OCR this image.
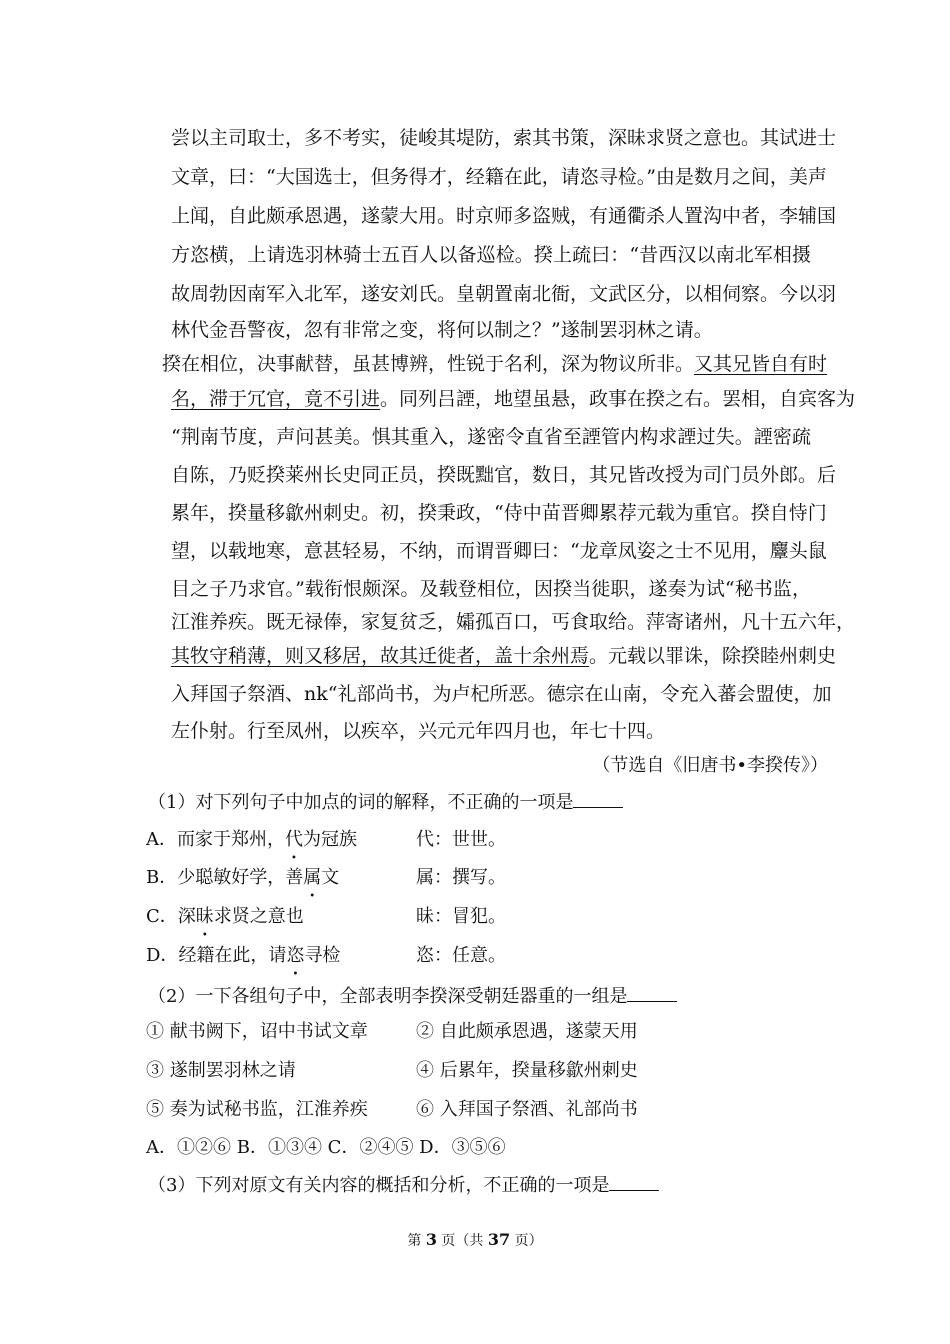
尝以主司取士，多不考实，徒峻其堤防，索其书策，深昧求贤之意也。其试进士
文章，曰：“大国选士，但务得才，经籍在此，请恣寻检。”由是数月之间，美声
上闻，自此颇承恩遇，遂蒙大用。时京师多盗贼，有通衢杀人置沟中者，李辅国
方恣横，上请选羽林骑士五百人以备巡检。揆上疏曰：“昔西汉以南北军相摄
故周勃因南军入北军，遂安刘氏。皇朝置南北衙，文武区分，以相伺察。今以羽
林代金吾警夜，忽有非常之变，将何以制之？”遂制罢羽林之请。
揆在相位，决事献替，虽甚博辨，性锐于名利，深为物议所非。又其兄皆自有时
名，滞于冗官，竟不引进。同列吕諲，地望虽悬，政事在揆之右。罢相，自宾客为
“荆南节度，声问甚美。惧其重入，遂密令直省至諲管内构求諲过失。諲密疏
自陈，乃贬揆莱州长史同正员，揆既黜官，数日，其兄皆改授为司门员外郎。后
累年，揆量移歙州刺史。初，揆秉政，“侍中苗晋卿累荐元载为重官。揆自恃门
望，以载地寒，意甚轻易，不纳，而谓晋卿曰：“龙章凤姿之士不见用，麞头鼠
目之子乃求官。”载衔恨颇深。及载登相位，因揆当徙职，遂奏为试“秘书监，
江淮养疾。既无禄俸，家复贫乏，孀孤百口，丐食取给。萍寄诸州，凡十五六年，
其牧守稍薄，则又移居，故其迁徙者，盖十余州焉。元载以罪诛，除揆睦州刺史
入拜国子祭酒、nk“礼部尚书，为卢杞所恶。德宗在山南，令充入蕃会盟使，加
左仆射。行至凤州，以疾卒，兴元元年四月也，年七十四。
（节选自《旧唐书•李揆传》）
（1）对下列句子中加点的词的解释，不正确的一项是
A．而家于郑州，代为冠族	代：世世。
B．少聪敏好学，善属文	属：撰写。
C．深昧求贤之意也	昧：冒犯。
D．经籍在此，请恣寻检	恣：任意。
（2）一下各组句子中，全部表明李揆深受朝廷器重的一组是
① 献书阙下，诏中书试文章	② 自此颇承恩遇，遂蒙天用
③ 遂制罢羽林之请	④ 后累年，揆量移歙州刺史
⑤ 奏为试秘书监，江淮养疾	⑥ 入拜国子祭酒、礼部尚书
A．①②⑥ B．①③④ C．②④⑤ D．③⑤⑥
（3）下列对原文有关内容的概括和分析，不正确的一项是
第 3 页（共 37 页）
